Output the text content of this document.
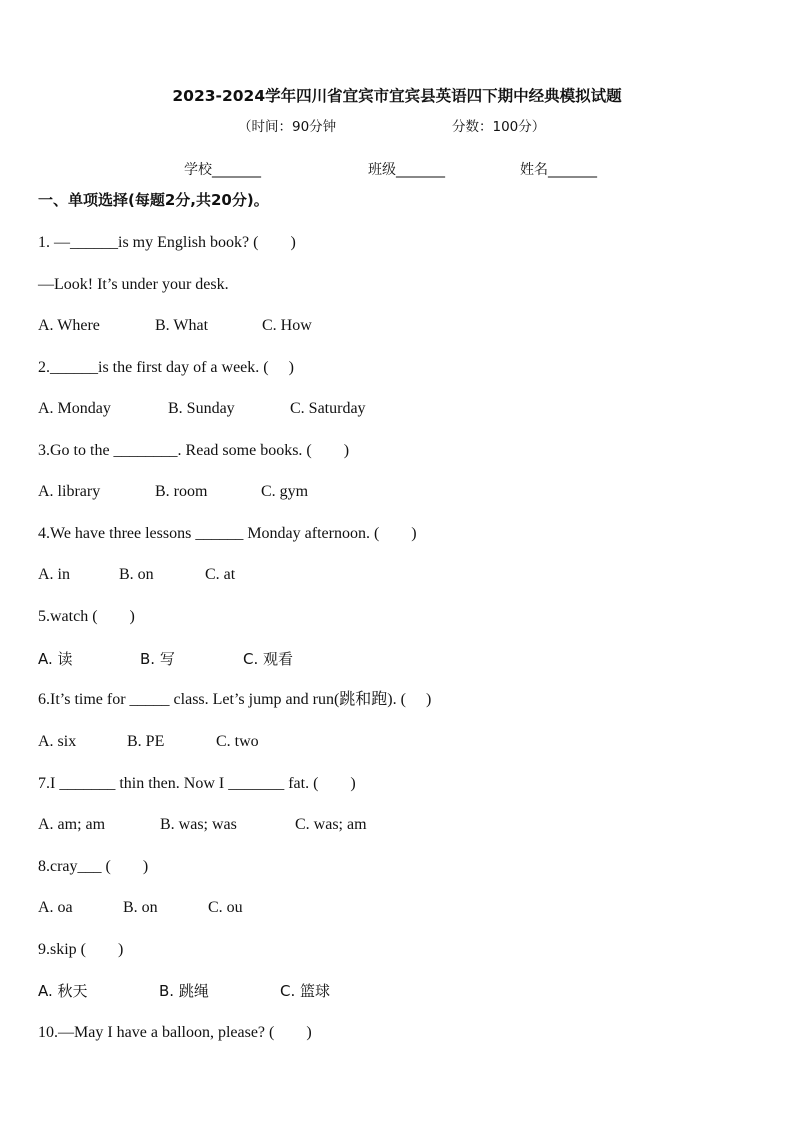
2023-2024学年四川省宜宾市宜宾县英语四下期中经典模拟试题
（时间：90分钟	分数：100分）
学校_______	班级_______	姓名_______
一、单项选择(每题2分,共20分)。
1. —______is my English book? (　　)
—Look! It’s under your desk.
A. Where	B. What	C. How
2.______is the first day of a week. (　 )
A. Monday	B. Sunday	C. Saturday
3.Go to the ________. Read some books. (　　)
A. library	B. room	C. gym
4.We have three lessons ______ Monday afternoon. (　　)
A. in	B. on	C. at
5.watch (　　)
A. 读	B. 写	C. 观看
6.It’s time for _____ class. Let’s jump and run(跳和跑). (　 )
A. six	B. PE	C. two
7.I _______ thin then. Now I _______ fat. (　　)
A. am; am	B. was; was	C. was; am
8.cray___ (　　)
A. oa	B. on	C. ou
9.skip (　　)
A. 秋天	B. 跳绳	C. 篮球
10.—May I have a balloon, please? (　　)
